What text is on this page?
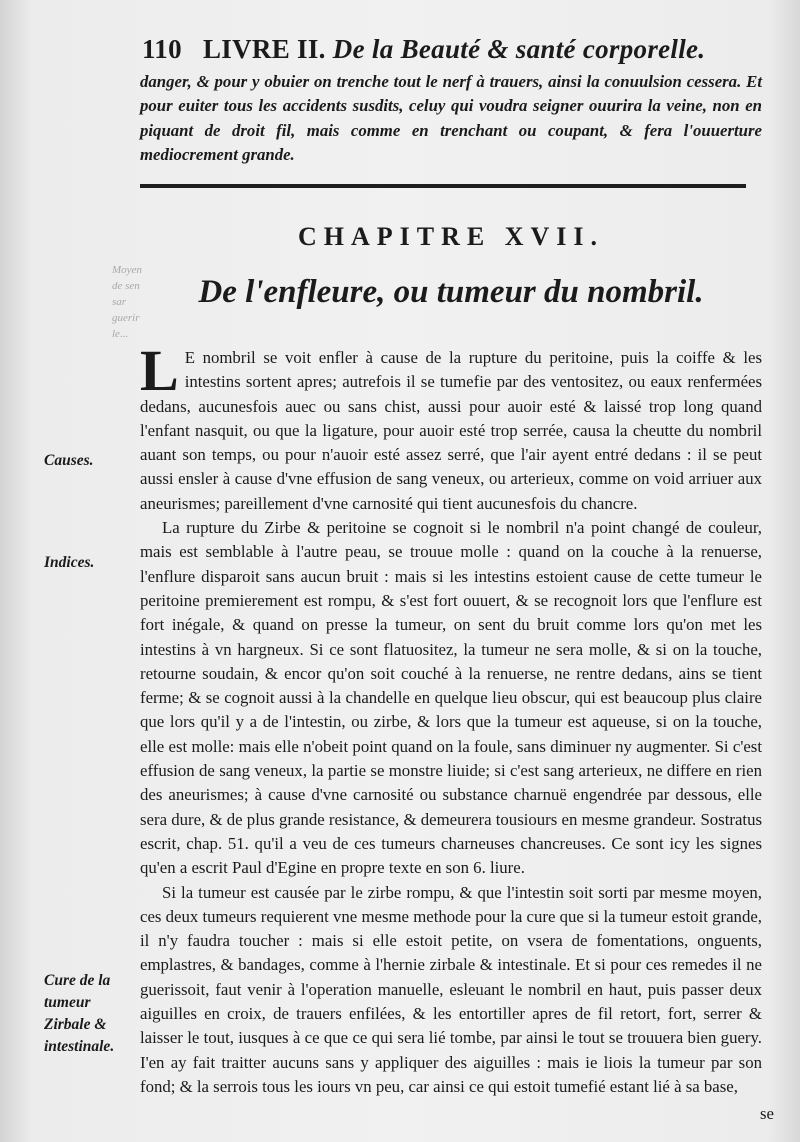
110 LIVRE II. De la Beauté & santé corporelle.
danger, & pour y obuier on trenche tout le nerf à trauers, ainsi la conuulsion cessera. Et pour euiter tous les accidents susdits, celuy qui voudra seigner ouurira la veine, non en piquant de droit fil, mais comme en trenchant ou coupant, & fera l'ouuerture mediocrement grande.
CHAPITRE XVII.
De l'enfleure, ou tumeur du nombril.
Moyen de sen sar guerir le...

L E nombril se voit enfler à cause de la rupture du peritoine, puis la coiffe & les intestins sortent apres; autrefois il se tumefie par des ventositez, ou eaux renfermées dedans, aucunesfois auec ou sans chist, aussi pour auoir esté & laissé trop long quand l'enfant nasquit, ou que la ligature, pour auoir esté trop serrée, causa la cheutte du nombril auant son temps, ou pour n'auoir esté assez serré, que l'air ayent entré dedans : il se peut aussi ensler à cause d'vne effusion de sang veneux, ou arterieux, comme on void arriuer aux aneurismes; pareillement d'vne carnosité qui tient aucunesfois du chancre.

La rupture du Zirbe & peritoine se cognoit si le nombril n'a point changé de couleur, mais est semblable à l'autre peau, se trouue molle : quand on la couche à la renuerse, l'enflure disparoit sans aucun bruit : mais si les intestins estoient cause de cette tumeur le peritoine premierement est rompu, & s'est fort ouuert, & se recognoit lors que l'enflure est fort inégale, & quand on presse la tumeur, on sent du bruit comme lors qu'on met les intestins à vn hargneux. Si ce sont flatuositez, la tumeur ne sera molle, & si on la touche, retourne soudain, & encor qu'on soit couché à la renuerse, ne rentre dedans, ains se tient ferme; & se cognoit aussi à la chandelle en quelque lieu obscur, qui est beaucoup plus claire que lors qu'il y a de l'intestin, ou zirbe, & lors que la tumeur est aqueuse, si on la touche, elle est molle: mais elle n'obeit point quand on la foule, sans diminuer ny augmenter. Si c'est effusion de sang veneux, la partie se monstre liuide; si c'est sang arterieux, ne differe en rien des aneurismes; à cause d'vne carnosité ou substance charnuë engendrée par dessous, elle sera dure, & de plus grande resistance, & demeurera tousiours en mesme grandeur. Sostratus escrit, chap. 51. qu'il a veu de ces tumeurs charneuses chancreuses. Ce sont icy les signes qu'en a escrit Paul d'Egine en propre texte en son 6. liure.

Si la tumeur est causée par le zirbe rompu, & que l'intestin soit sorti par mesme moyen, ces deux tumeurs requierent vne mesme methode pour la cure que si la tumeur estoit grande, il n'y faudra toucher : mais si elle estoit petite, on vsera de fomentations, onguents, emplastres, & bandages, comme à l'hernie zirbale & intestinale. Et si pour ces remedes il ne guerissoit, faut venir à l'operation manuelle, esleuant le nombril en haut, puis passer deux aiguilles en croix, de trauers enfilées, & les entortiller apres de fil retort, fort, serrer & laisser le tout, iusques à ce que ce qui sera lié tombe, par ainsi le tout se trouuera bien guery. I'en ay fait traitter aucuns sans y appliquer des aiguilles : mais ie liois la tumeur par son fond; & la serrois tous les iours vn peu, car ainsi ce qui estoit tumefié estant lié à sa base,

Causes.
Indices.
Cure de la tumeur Zirbale & intestinale.
se
